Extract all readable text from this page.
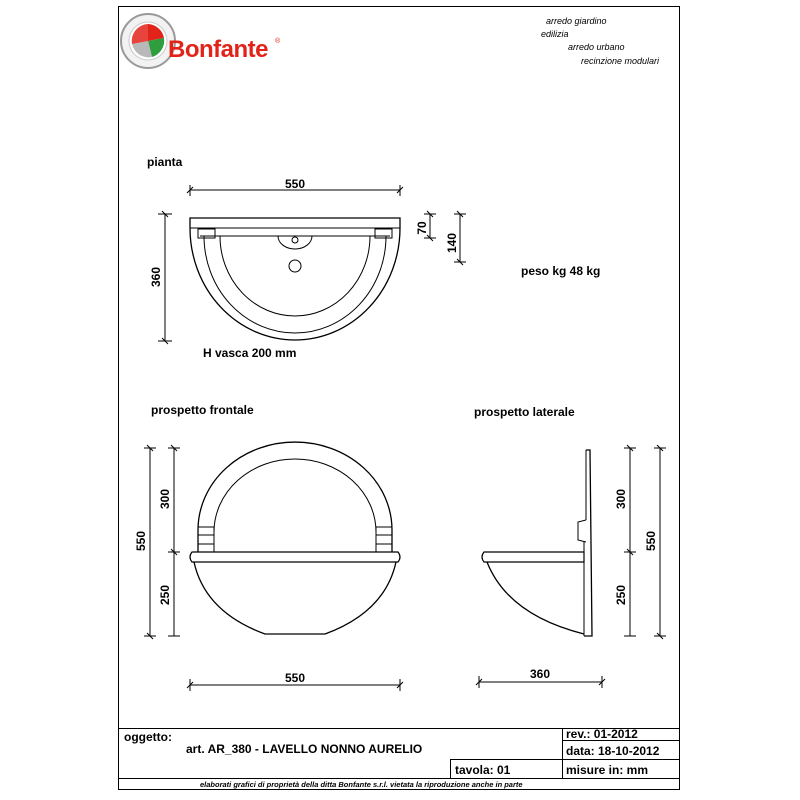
Bonfante ®
arredo giardino
edilizia
arredo urbano
recinzione modulari
pianta
H vasca 200 mm
peso kg 48 kg
prospetto frontale	prospetto laterale
550
360
70
140
550
300
250
550
300
250
550
360
oggetto:
art. AR_380 - LAVELLO NONNO AURELIO
rev.: 01-2012
data: 18-10-2012
tavola: 01	misure in: mm
elaborati grafici di proprietà della ditta Bonfante s.r.l. vietata la riproduzione anche in parte
